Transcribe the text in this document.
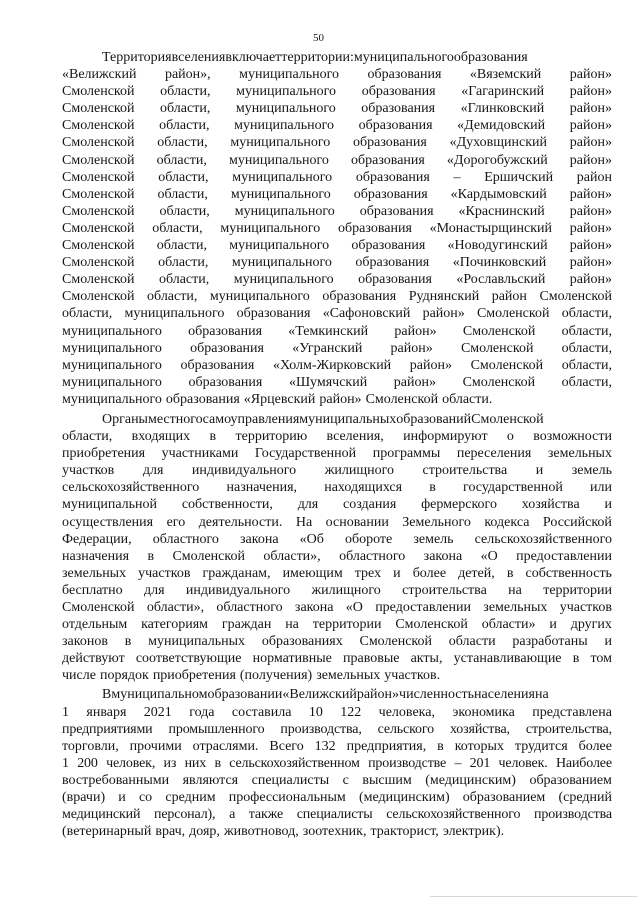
50
Территория вселения включает территории: муниципального образования
«Велижский район», муниципального образования «Вяземский район»
Смоленской области, муниципального образования «Гагаринский район»
Смоленской области, муниципального образования «Глинковский район»
Смоленской области, муниципального образования «Демидовский район»
Смоленской области, муниципального образования «Духовщинский район»
Смоленской области, муниципального образования «Дорогобужский район»
Смоленской области, муниципального образования – Ершичский район
Смоленской области, муниципального образования «Кардымовский район»
Смоленской области, муниципального образования «Краснинский район»
Смоленской области, муниципального образования «Монастырщинский район»
Смоленской области, муниципального образования «Новодугинский район»
Смоленской области, муниципального образования «Починковский район»
Смоленской области, муниципального образования «Рославльский район»
Смоленской области, муниципального образования Руднянский район Смоленской
области, муниципального образования «Сафоновский район» Смоленской области,
муниципального образования «Темкинский район» Смоленской области,
муниципального образования «Угранский район» Смоленской области,
муниципального образования «Холм-Жирковский район» Смоленской области,
муниципального образования «Шумячский район» Смоленской области,
муниципального образования «Ярцевский район» Смоленской области.
Органы местного самоуправления муниципальных образований Смоленской
области, входящих в территорию вселения, информируют о возможности
приобретения участниками Государственной программы переселения земельных
участков для индивидуального жилищного строительства и земель
сельскохозяйственного назначения, находящихся в государственной или
муниципальной собственности, для создания фермерского хозяйства и
осуществления его деятельности. На основании Земельного кодекса Российской
Федерации, областного закона «Об обороте земель сельскохозяйственного
назначения в Смоленской области», областного закона «О предоставлении
земельных участков гражданам, имеющим трех и более детей, в собственность
бесплатно для индивидуального жилищного строительства на территории
Смоленской области», областного закона «О предоставлении земельных участков
отдельным категориям граждан на территории Смоленской области» и других
законов в муниципальных образованиях Смоленской области разработаны и
действуют соответствующие нормативные правовые акты, устанавливающие в том
числе порядок приобретения (получения) земельных участков.
В муниципальном образовании «Велижский район» численность населения на
1 января 2021 года составила 10 122 человека, экономика представлена
предприятиями промышленного производства, сельского хозяйства, строительства,
торговли, прочими отраслями. Всего 132 предприятия, в которых трудится более
1 200 человек, из них в сельскохозяйственном производстве – 201 человек. Наиболее
востребованными являются специалисты с высшим (медицинским) образованием
(врачи) и со средним профессиональным (медицинским) образованием (средний
медицинский персонал), а также специалисты сельскохозяйственного производства
(ветеринарный врач, дояр, животновод, зоотехник, тракторист, электрик).
